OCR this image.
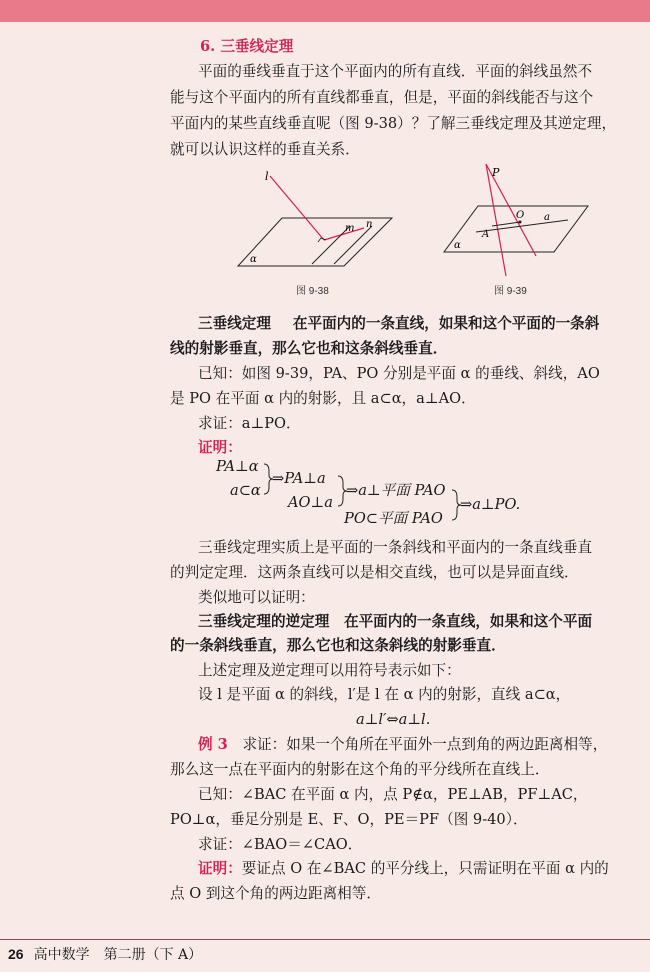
6. 三垂线定理
平面的垂线垂直于这个平面内的所有直线．平面的斜线虽然不
能与这个平面内的所有直线都垂直，但是，平面的斜线能否与这个
平面内的某些直线垂直呢（图 9-38）？了解三垂线定理及其逆定理，
就可以认识这样的垂直关系．
l
m n
α
图 9-38
P
O
A
a
α
图 9-39
三垂线定理　  在平面内的一条直线，如果和这个平面的一条斜
线的射影垂直，那么它也和这条斜线垂直．
已知：如图 9-39，PA、PO 分别是平面 α 的垂线、斜线，AO
是 PO 在平面 α 内的射影，且 a⊂α，a⊥AO．
求证：a⊥PO．
证明：
PA⊥α
a⊂α
⇒PA⊥a
AO⊥a
⇒a⊥平面 PAO
PO⊂平面 PAO
⇒a⊥PO.
三垂线定理实质上是平面的一条斜线和平面内的一条直线垂直
的判定定理．这两条直线可以是相交直线，也可以是异面直线．
类似地可以证明：
三垂线定理的逆定理　 在平面内的一条直线，如果和这个平面
的一条斜线垂直，那么它也和这条斜线的射影垂直．
上述定理及逆定理可以用符号表示如下：
设 l 是平面 α 的斜线，l′是 l 在 α 内的射影，直线 a⊂α，
a⊥l′⇔a⊥l.
例 3　 求证：如果一个角所在平面外一点到角的两边距离相等，
那么这一点在平面内的射影在这个角的平分线所在直线上．
已知：∠BAC 在平面 α 内，点 P∉α，PE⊥AB，PF⊥AC，
PO⊥α，垂足分别是 E、F、O，PE＝PF（图 9-40）．
求证：∠BAO＝∠CAO．
证明：要证点 O 在∠BAC 的平分线上，只需证明在平面 α 内的
点 O 到这个角的两边距离相等．
26 高中数学　第二册（下 A）
